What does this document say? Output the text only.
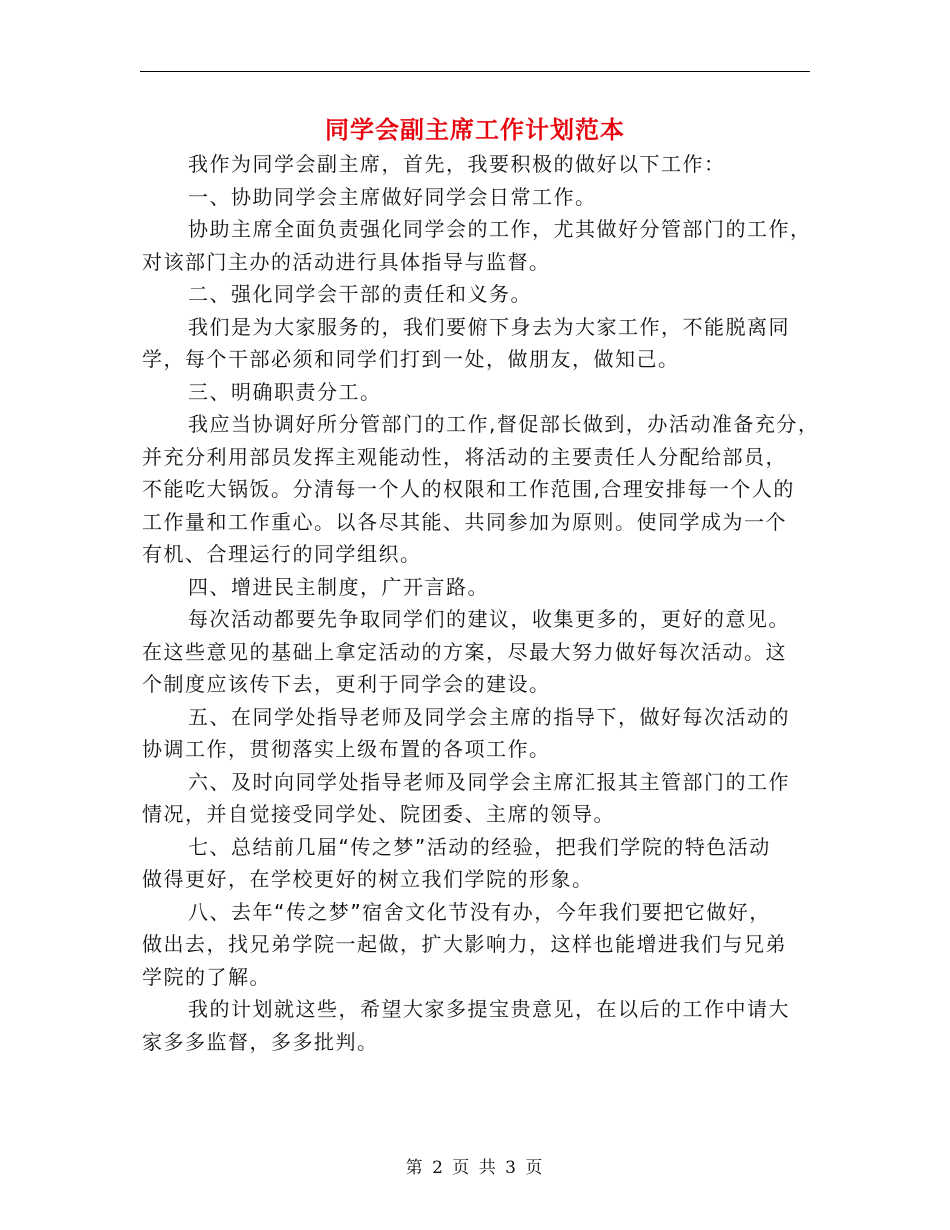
同学会副主席工作计划范本
我作为同学会副主席，首先，我要积极的做好以下工作：
一、协助同学会主席做好同学会日常工作。
协助主席全面负责强化同学会的工作，尤其做好分管部门的工作，
对该部门主办的活动进行具体指导与监督。
二、强化同学会干部的责任和义务。
我们是为大家服务的，我们要俯下身去为大家工作，不能脱离同
学，每个干部必须和同学们打到一处，做朋友，做知己。
三、明确职责分工。
我应当协调好所分管部门的工作,督促部长做到，办活动准备充分，
并充分利用部员发挥主观能动性，将活动的主要责任人分配给部员，
不能吃大锅饭。分清每一个人的权限和工作范围,合理安排每一个人的
工作量和工作重心。以各尽其能、共同参加为原则。使同学成为一个
有机、合理运行的同学组织。
四、增进民主制度，广开言路。
每次活动都要先争取同学们的建议，收集更多的，更好的意见。
在这些意见的基础上拿定活动的方案，尽最大努力做好每次活动。这
个制度应该传下去，更利于同学会的建设。
五、在同学处指导老师及同学会主席的指导下，做好每次活动的
协调工作，贯彻落实上级布置的各项工作。
六、及时向同学处指导老师及同学会主席汇报其主管部门的工作
情况，并自觉接受同学处、院团委、主席的领导。
七、总结前几届“传之梦”活动的经验，把我们学院的特色活动
做得更好，在学校更好的树立我们学院的形象。
八、去年“传之梦”宿舍文化节没有办，今年我们要把它做好，
做出去，找兄弟学院一起做，扩大影响力，这样也能增进我们与兄弟
学院的了解。
我的计划就这些，希望大家多提宝贵意见，在以后的工作中请大
家多多监督，多多批判。
第 2 页 共 3 页
